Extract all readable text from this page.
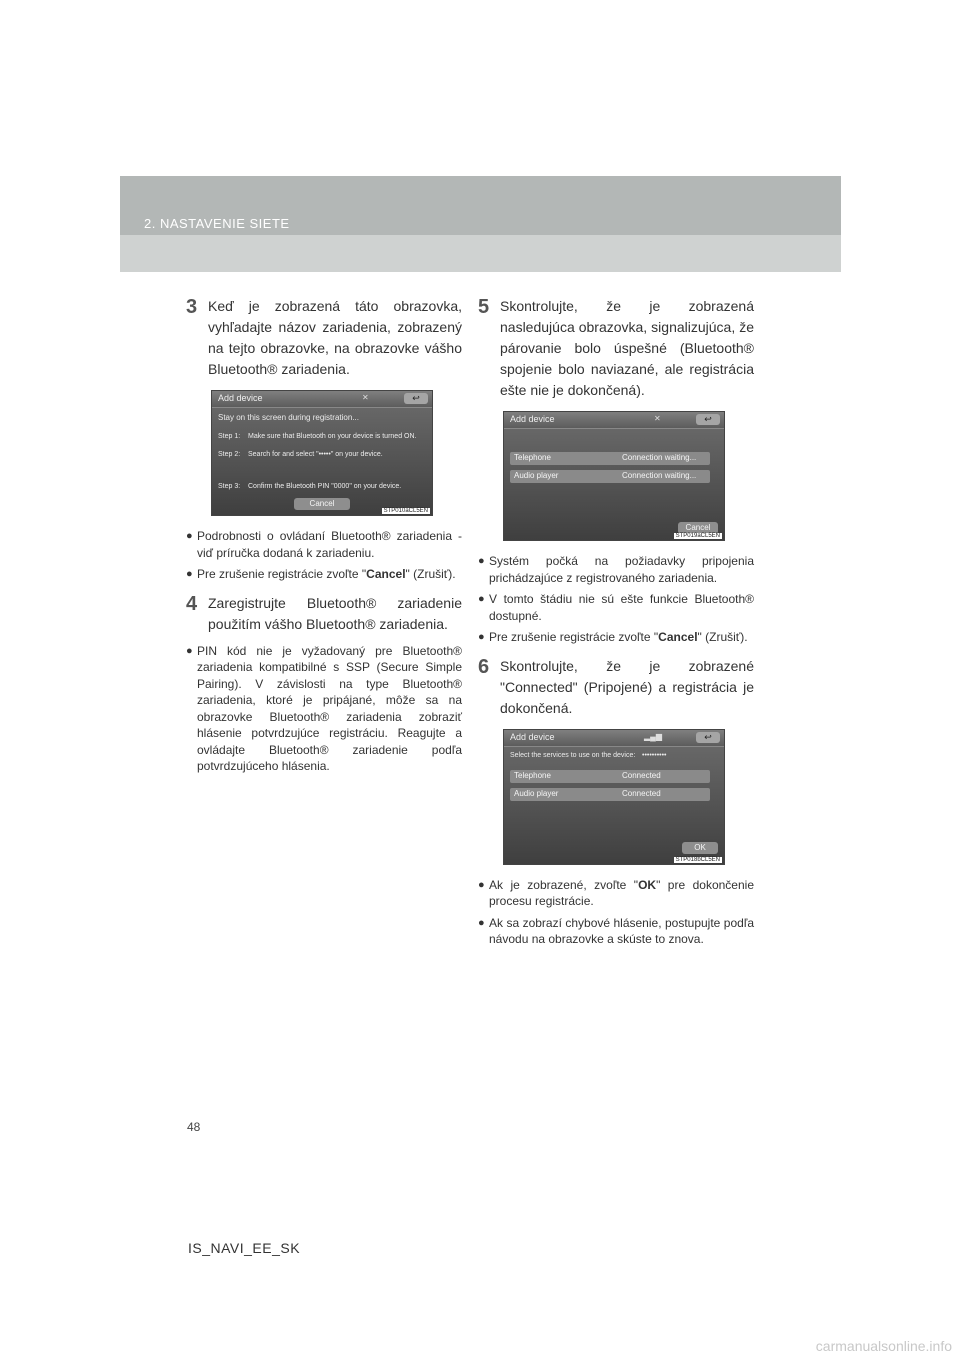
2. NASTAVENIE SIETE
3 Keď je zobrazená táto obrazovka, vyhľadajte názov zariadenia, zobrazený na tejto obrazovke, na obrazovke vášho Bluetooth® zariadenia.
Add device	✕	↩
Stay on this screen during registration...
Step 1: Make sure that Bluetooth on your device is turned ON.
Step 2: Search for and select "•••••" on your device.
Step 3: Confirm the Bluetooth PIN "0000" on your device.
Cancel
STP010aCL5EN
● Podrobnosti o ovládaní Bluetooth® zariadenia - viď príručka dodaná k zariadeniu.
● Pre zrušenie registrácie zvoľte "Cancel" (Zrušiť).
4 Zaregistrujte Bluetooth® zariadenie použitím vášho Bluetooth® zariadenia.
● PIN kód nie je vyžadovaný pre Bluetooth® zariadenia kompatibilné s SSP (Secure Simple Pairing). V závislosti na type Bluetooth® zariadenia, ktoré je pripájané, môže sa na obrazovke Bluetooth® zariadenia zobraziť hlásenie potvrdzujúce registráciu. Reagujte a ovládajte Bluetooth® zariadenie podľa potvrdzujúceho hlásenia.
5 Skontrolujte, že je zobrazená nasledujúca obrazovka, signalizujúca, že párovanie bolo úspešné (Bluetooth® spojenie bolo naviazané, ale registrácia ešte nie je dokončená).
Add device	✕	↩
Telephone	Connection waiting...
Audio player	Connection waiting...
Cancel
STP019aCL5EN
● Systém počká na požiadavky pripojenia prichádzajúce z registrovaného zariadenia.
● V tomto štádiu nie sú ešte funkcie Bluetooth® dostupné.
● Pre zrušenie registrácie zvoľte "Cancel" (Zrušiť).
6 Skontrolujte, že je zobrazené "Connected" (Pripojené) a registrácia je dokončená.
Add device	▂▄▆	↩
Select the services to use on the device: ••••••••••
Telephone	Connected
Audio player	Connected
OK
STP018bCL5EN
● Ak je zobrazené, zvoľte "OK" pre dokončenie procesu registrácie.
● Ak sa zobrazí chybové hlásenie, postupujte podľa návodu na obrazovke a skúste to znova.
48
IS_NAVI_EE_SK
carmanualsonline.info
